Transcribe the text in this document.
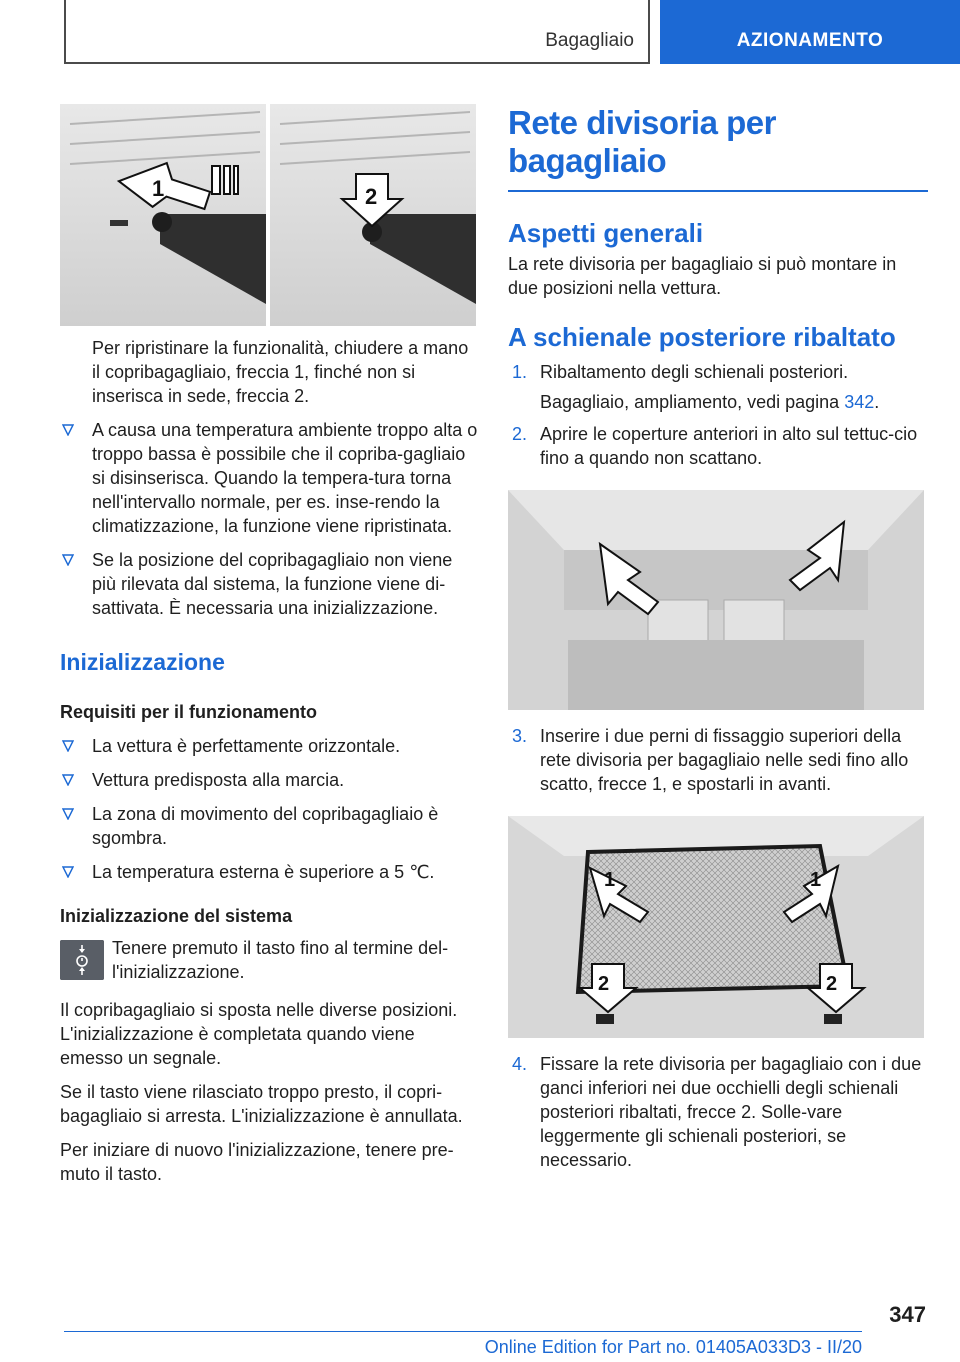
Bagagliaio	AZIONAMENTO
1	2

Per ripristinare la funzionalità, chiudere a mano il copribagagliaio, freccia 1, finché non si inserisca in sede, freccia 2.

A causa una temperatura ambiente troppo alta o troppo bassa è possibile che il copriba-gagliaio si disinserisca. Quando la tempera-tura torna nell'intervallo normale, per es. inse-rendo la climatizzazione, la funzione viene ripristinata.
Se la posizione del copribagagliaio non viene più rilevata dal sistema, la funzione viene di-sattivata. È necessaria una inizializzazione.
Inizializzazione
Requisiti per il funzionamento
La vettura è perfettamente orizzontale.
Vettura predisposta alla marcia.
La zona di movimento del copribagagliaio è sgombra.
La temperatura esterna è superiore a 5 ℃.
Inizializzazione del sistema
Tenere premuto il tasto fino al termine del-l'inizializzazione.

Il copribagagliaio si sposta nelle diverse posizioni. L'inizializzazione è completata quando viene emesso un segnale.

Se il tasto viene rilasciato troppo presto, il copri-bagagliaio si arresta. L'inizializzazione è annullata.

Per iniziare di nuovo l'inizializzazione, tenere pre-muto il tasto.

Rete divisoria per bagagliaio
Aspetti generali

La rete divisoria per bagagliaio si può montare in due posizioni nella vettura.

A schienale posteriore ribaltato
1. Ribaltamento degli schienali posteriori.

Bagagliaio, ampliamento, vedi pagina 342.

2. Aprire le coperture anteriori in alto sul tettuc-cio fino a quando non scattano.
3. Inserire i due perni di fissaggio superiori della rete divisoria per bagagliaio nelle sedi fino allo scatto, frecce 1, e spostarli in avanti.
1	1
2	2
4. Fissare la rete divisoria per bagagliaio con i due ganci inferiori nei due occhielli degli schienali posteriori ribaltati, frecce 2. Solle-vare leggermente gli schienali posteriori, se necessario.
347
Online Edition for Part no. 01405A033D3 - II/20
